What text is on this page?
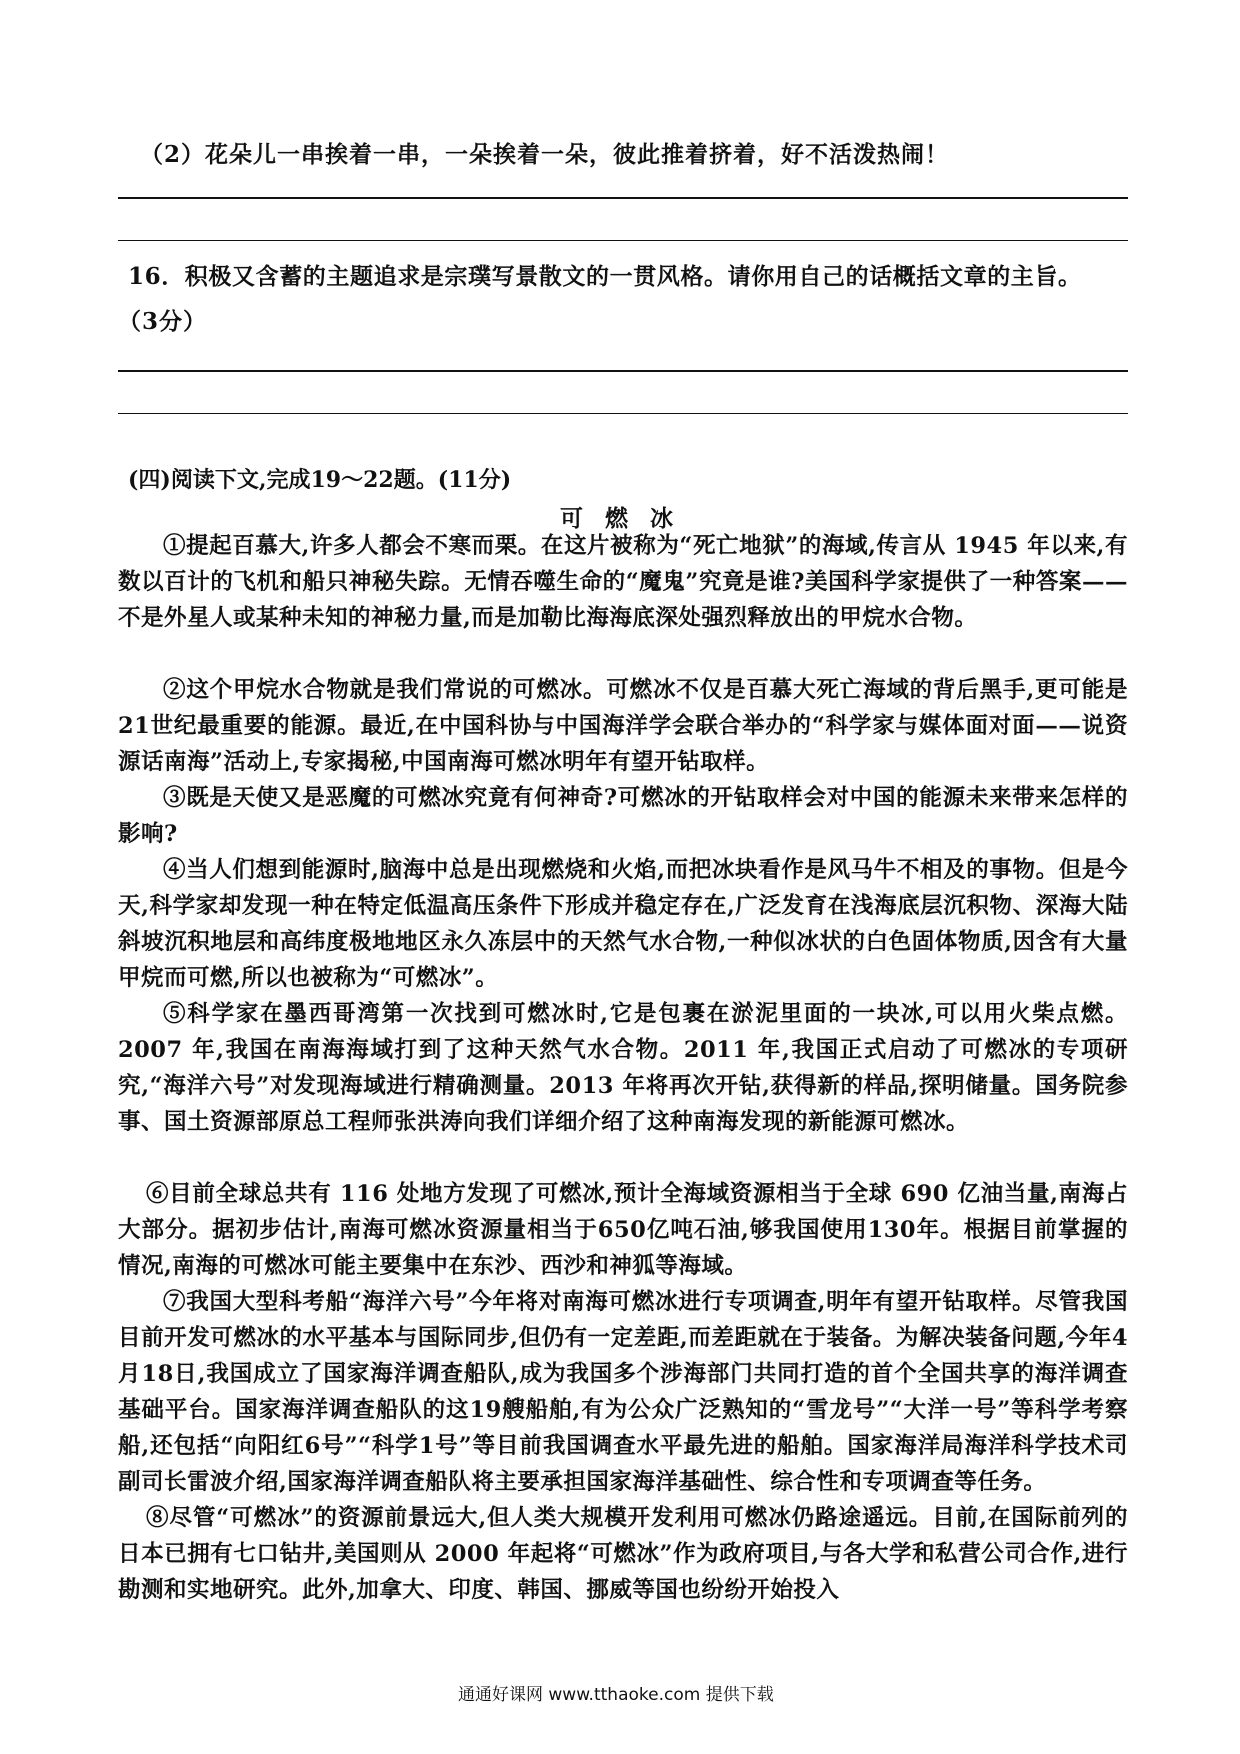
（2）花朵儿一串挨着一串，一朵挨着一朵，彼此推着挤着，好不活泼热闹！
16．积极又含蓄的主题追求是宗璞写景散文的一贯风格。请你用自己的话概括文章的主旨。
（3分）
(四)阅读下文,完成19～22题。(11分)
可燃冰
①提起百慕大,许多人都会不寒而栗。在这片被称为“死亡地狱”的海域,传言从 1945 年以来,有数以百计的飞机和船只神秘失踪。无情吞噬生命的“魔鬼”究竟是谁?美国科学家提供了一种答案——不是外星人或某种未知的神秘力量,而是加勒比海海底深处强烈释放出的甲烷水合物。
②这个甲烷水合物就是我们常说的可燃冰。可燃冰不仅是百慕大死亡海域的背后黑手,更可能是21世纪最重要的能源。最近,在中国科协与中国海洋学会联合举办的“科学家与媒体面对面——说资源话南海”活动上,专家揭秘,中国南海可燃冰明年有望开钻取样。
③既是天使又是恶魔的可燃冰究竟有何神奇?可燃冰的开钻取样会对中国的能源未来带来怎样的影响?
④当人们想到能源时,脑海中总是出现燃烧和火焰,而把冰块看作是风马牛不相及的事物。但是今天,科学家却发现一种在特定低温高压条件下形成并稳定存在,广泛发育在浅海底层沉积物、深海大陆斜坡沉积地层和高纬度极地地区永久冻层中的天然气水合物,一种似冰状的白色固体物质,因含有大量甲烷而可燃,所以也被称为“可燃冰”。
⑤科学家在墨西哥湾第一次找到可燃冰时,它是包裹在淤泥里面的一块冰,可以用火柴点燃。2007 年,我国在南海海域打到了这种天然气水合物。2011 年,我国正式启动了可燃冰的专项研究,“海洋六号”对发现海域进行精确测量。2013 年将再次开钻,获得新的样品,探明储量。国务院参事、国土资源部原总工程师张洪涛向我们详细介绍了这种南海发现的新能源可燃冰。
⑥目前全球总共有 116 处地方发现了可燃冰,预计全海域资源相当于全球 690 亿油当量,南海占大部分。据初步估计,南海可燃冰资源量相当于650亿吨石油,够我国使用130年。根据目前掌握的情况,南海的可燃冰可能主要集中在东沙、西沙和神狐等海域。
⑦我国大型科考船“海洋六号”今年将对南海可燃冰进行专项调查,明年有望开钻取样。尽管我国目前开发可燃冰的水平基本与国际同步,但仍有一定差距,而差距就在于装备。为解决装备问题,今年4月18日,我国成立了国家海洋调查船队,成为我国多个涉海部门共同打造的首个全国共享的海洋调查基础平台。国家海洋调查船队的这19艘船舶,有为公众广泛熟知的“雪龙号”“大洋一号”等科学考察船,还包括“向阳红6号”“科学1号”等目前我国调查水平最先进的船舶。国家海洋局海洋科学技术司副司长雷波介绍,国家海洋调查船队将主要承担国家海洋基础性、综合性和专项调查等任务。
⑧尽管“可燃冰”的资源前景远大,但人类大规模开发利用可燃冰仍路途遥远。目前,在国际前列的日本已拥有七口钻井,美国则从 2000 年起将“可燃冰”作为政府项目,与各大学和私营公司合作,进行勘测和实地研究。此外,加拿大、印度、韩国、挪威等国也纷纷开始投入
通通好课网 www.tthaoke.com 提供下载
